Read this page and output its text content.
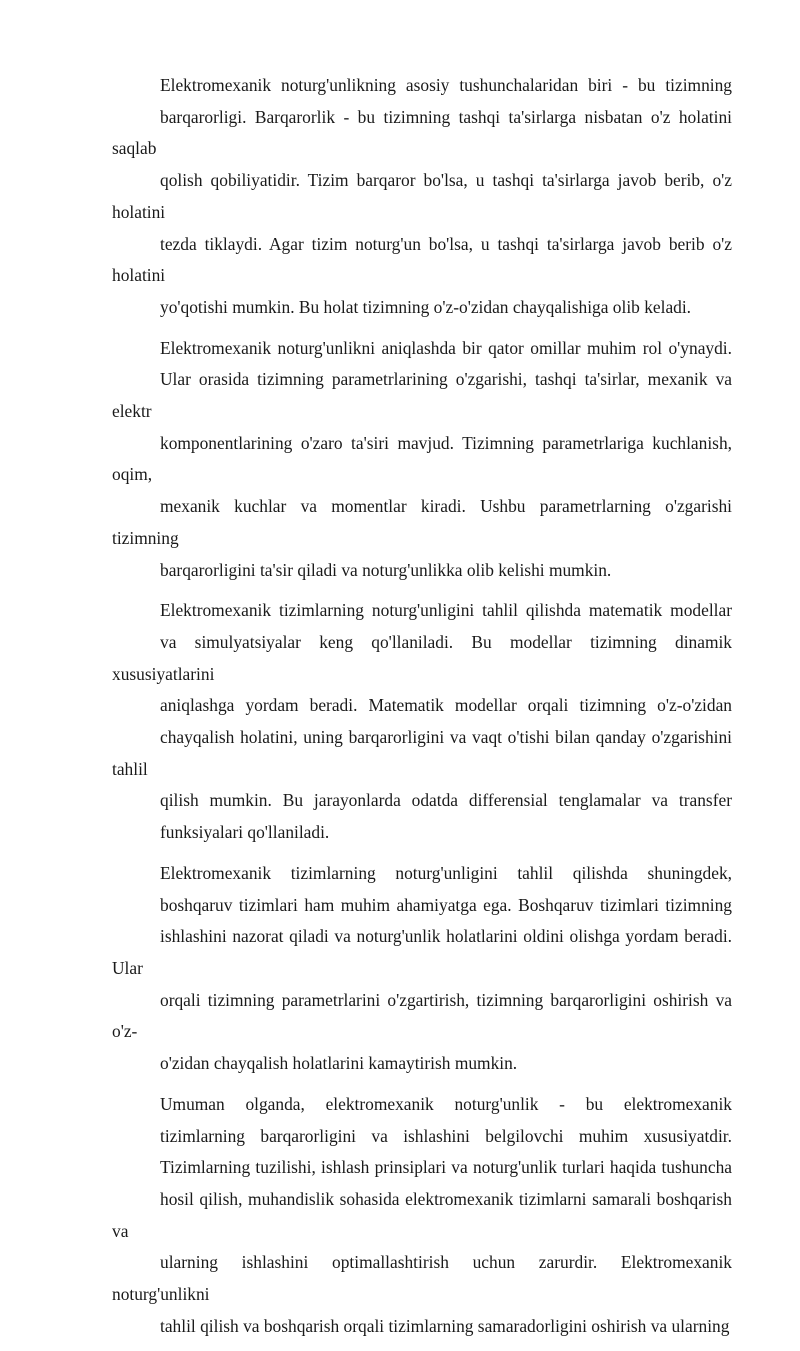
Elektromexanik noturg'unlikning asosiy tushunchalaridan biri - bu tizimning
barqarorligi. Barqarorlik - bu tizimning tashqi ta'sirlarga nisbatan o'z holatini saqlab
qolish qobiliyatidir. Tizim barqaror bo'lsa, u tashqi ta'sirlarga javob berib, o'z holatini
tezda tiklaydi. Agar tizim noturg'un bo'lsa, u tashqi ta'sirlarga javob berib o'z holatini
yo'qotishi mumkin. Bu holat tizimning o'z-o'zidan chayqalishiga olib keladi.

Elektromexanik noturg'unlikni aniqlashda bir qator omillar muhim rol o'ynaydi.
Ular orasida tizimning parametrlarining o'zgarishi, tashqi ta'sirlar, mexanik va elektr
komponentlarining o'zaro ta'siri mavjud. Tizimning parametrlariga kuchlanish, oqim,
mexanik kuchlar va momentlar kiradi. Ushbu parametrlarning o'zgarishi tizimning
barqarorligini ta'sir qiladi va noturg'unlikka olib kelishi mumkin.

Elektromexanik tizimlarning noturg'unligini tahlil qilishda matematik modellar
va simulyatsiyalar keng qo'llaniladi. Bu modellar tizimning dinamik xususiyatlarini
aniqlashga yordam beradi. Matematik modellar orqali tizimning o'z-o'zidan
chayqalish holatini, uning barqarorligini va vaqt o'tishi bilan qanday o'zgarishini tahlil
qilish mumkin. Bu jarayonlarda odatda differensial tenglamalar va transfer
funksiyalari qo'llaniladi.

Elektromexanik tizimlarning noturg'unligini tahlil qilishda shuningdek,
boshqaruv tizimlari ham muhim ahamiyatga ega. Boshqaruv tizimlari tizimning
ishlashini nazorat qiladi va noturg'unlik holatlarini oldini olishga yordam beradi. Ular
orqali tizimning parametrlarini o'zgartirish, tizimning barqarorligini oshirish va o'z-
o'zidan chayqalish holatlarini kamaytirish mumkin.

Umuman olganda, elektromexanik noturg'unlik - bu elektromexanik
tizimlarning barqarorligini va ishlashini belgilovchi muhim xususiyatdir.
Tizimlarning tuzilishi, ishlash prinsiplari va noturg'unlik turlari haqida tushuncha
hosil qilish, muhandislik sohasida elektromexanik tizimlarni samarali boshqarish va
ularning ishlashini optimallashtirish uchun zarurdir. Elektromexanik noturg'unlikni
tahlil qilish va boshqarish orqali tizimlarning samaradorligini oshirish va ularning
